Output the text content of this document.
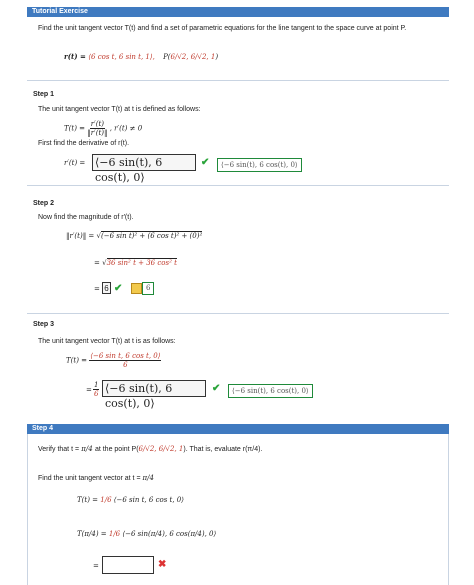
Tutorial Exercise
Find the unit tangent vector T(t) and find a set of parametric equations for the line tangent to the space curve at point P.
r(t) = ⟨6 cos t, 6 sin t, 1⟩, P(6/√2, 6/√2, 1)
Step 1
The unit tangent vector T(t) at t is defined as follows:
$T(t) = \frac{r'(t)}{‖r'(t)‖}$ , r′(t) ≠ 0
First find the derivative of r(t).
r′(t) = ⟨−6 sin(t), 6 cos(t), 0⟩
✔	⟨−6 sin(t), 6 cos(t), 0⟩
Step 2
Now find the magnitude of r′(t).
‖r′(t)‖ = √(−6 sin t)² + (6 cos t)² + (0)²
= √36 sin² t + 36 cos² t
= 6 ✔	6
Step 3
The unit tangent vector T(t) at t is as follows:
$T(t) = \frac{\text{⟨−6 sin t, 6 cos t, 0⟩}}{6}$
= $\frac{1}{6}$ ⟨−6 sin(t), 6 cos(t), 0⟩
✔	⟨−6 sin(t), 6 cos(t), 0⟩
Step 4
Verify that t = π/4 at the point P(6/√2, 6/√2, 1). That is, evaluate r(π/4).
Find the unit tangent vector at t = π/4
T(t) = 1/6 ⟨−6 sin t, 6 cos t, 0⟩
T(π/4) = 1/6 ⟨−6 sin(π/4), 6 cos(π/4), 0⟩
=	✖
